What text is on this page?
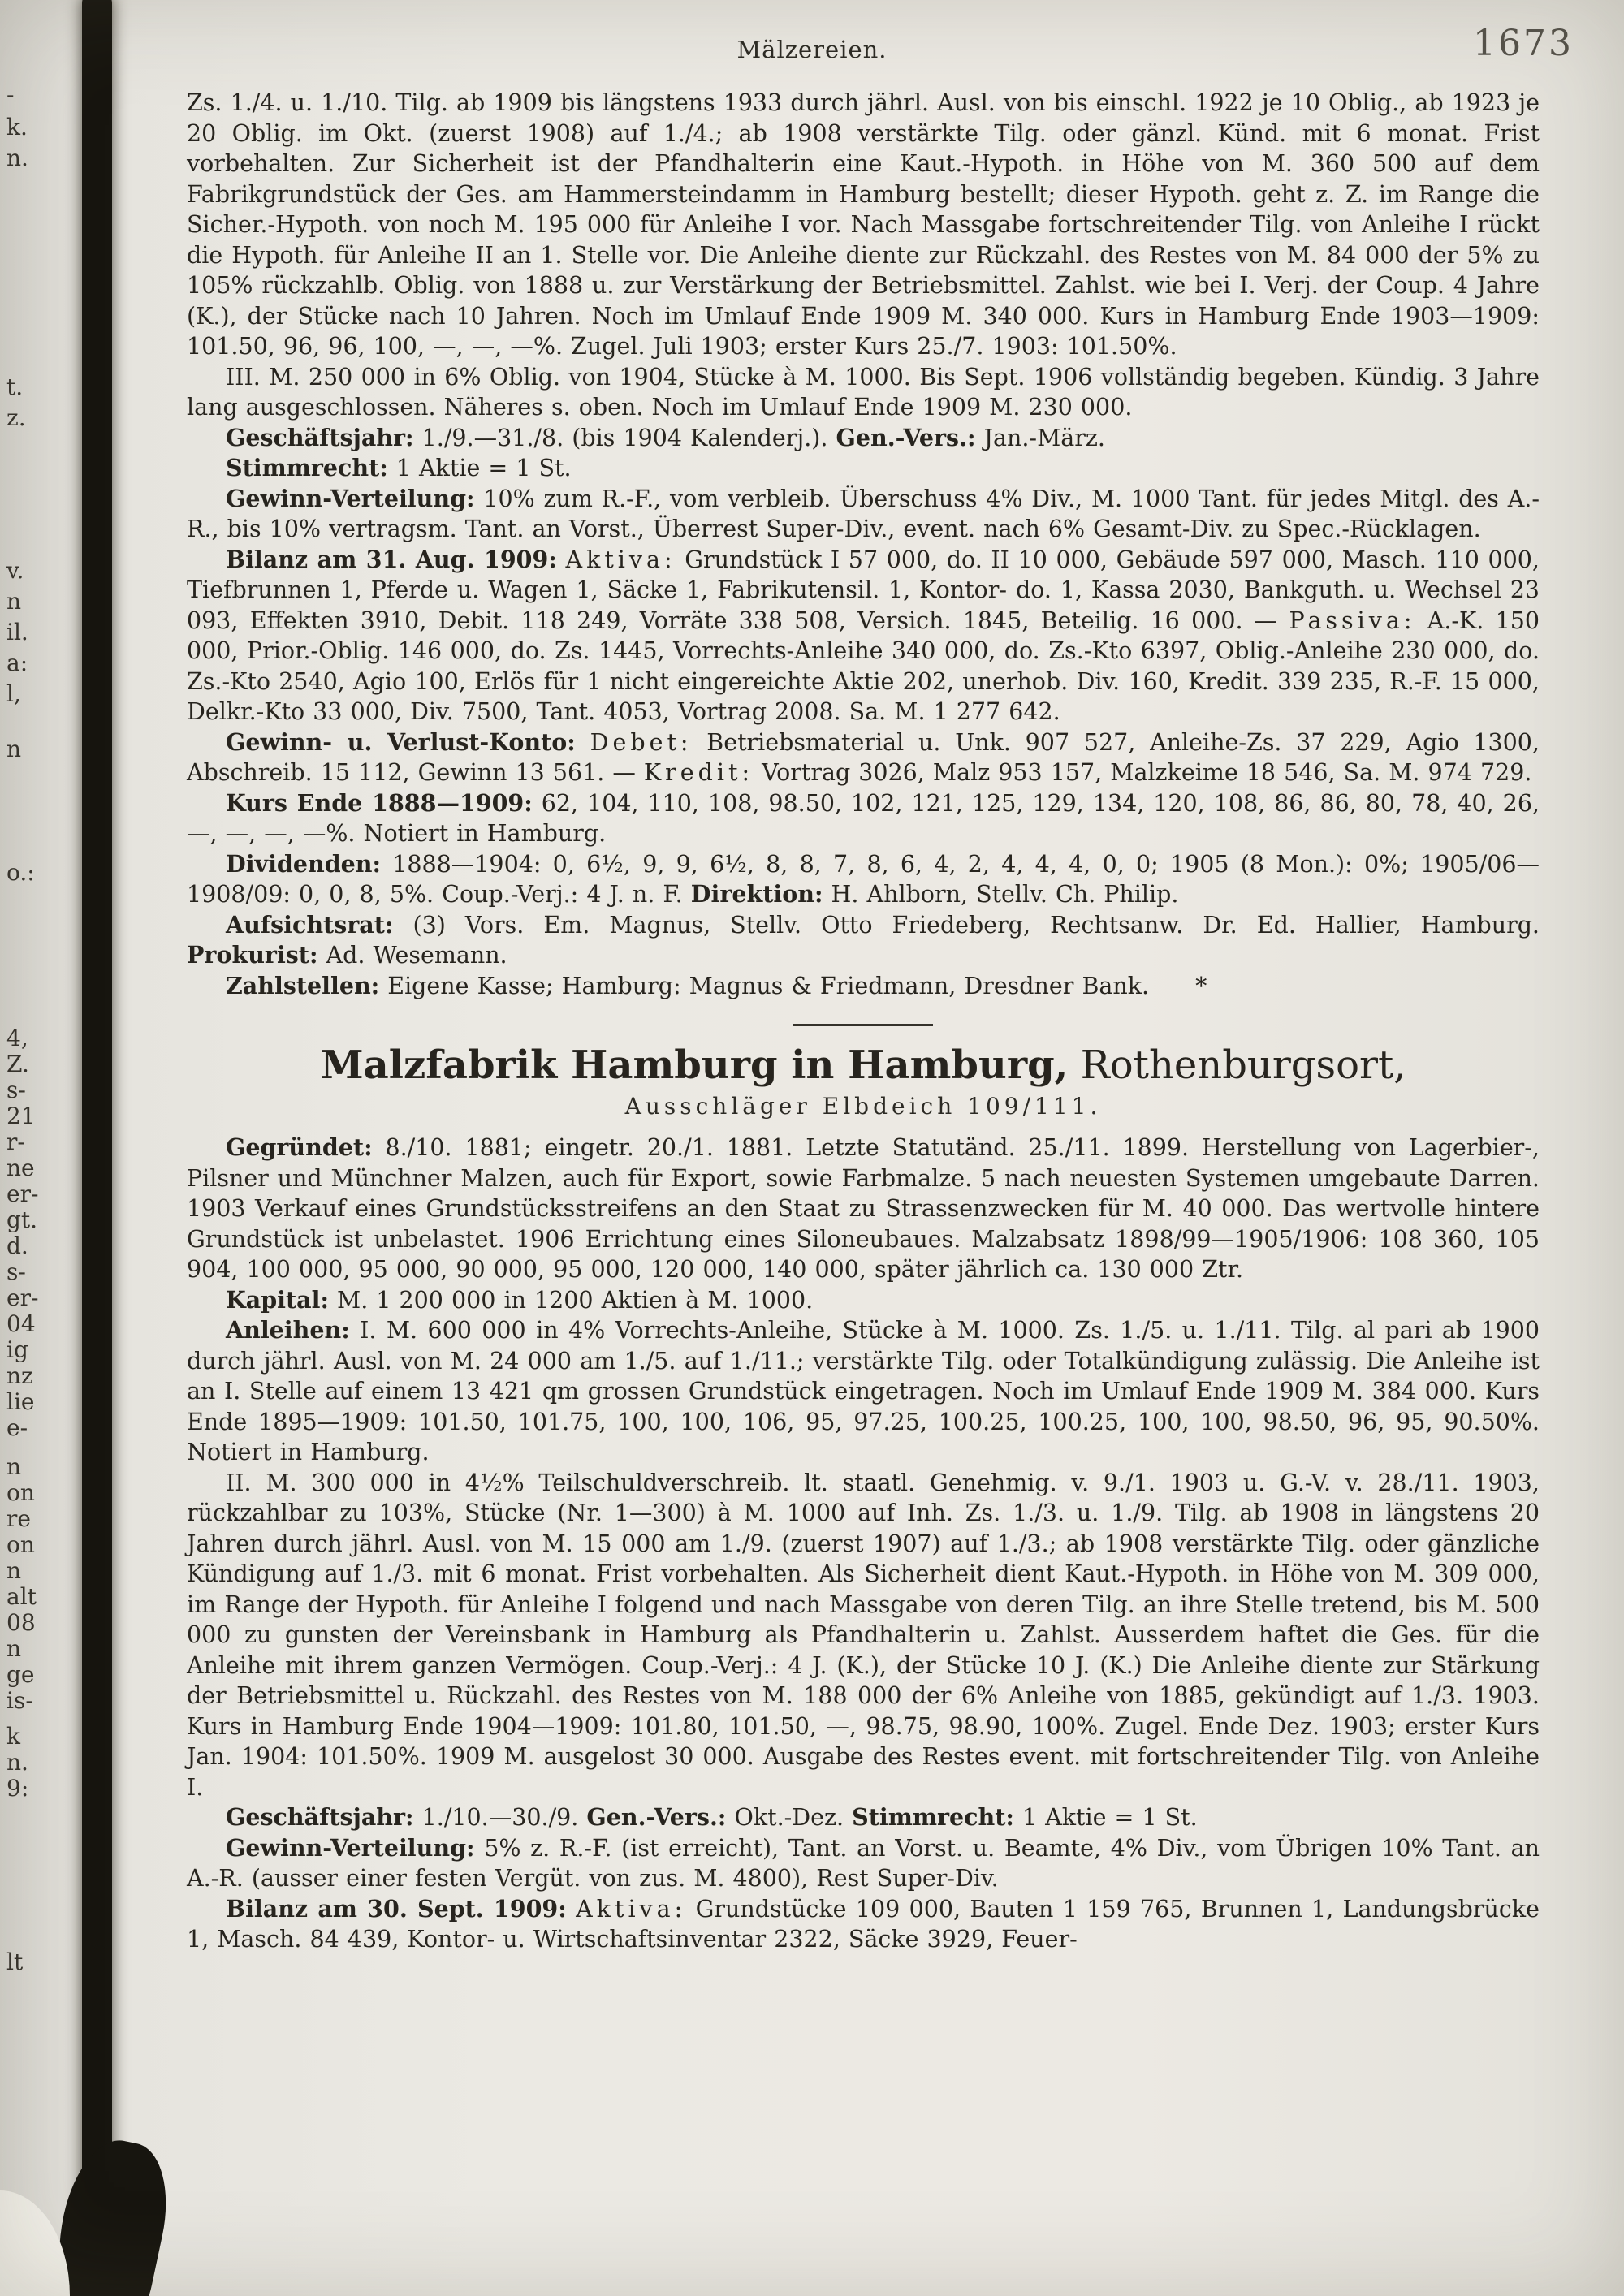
-
k.
n.
t.
z.
v.
n
il.
a:
l,
n
o.:
4,
Z.
s-
21
r-
ne
er-
gt.
d.
s-
er-
04
ig
nz
lie
e-
n
on
re
on
n
alt
08
n
ge
is-
k
n.
9:
lt
Mälzereien.	1673

Zs. 1./4. u. 1./10. Tilg. ab 1909 bis längstens 1933 durch jährl. Ausl. von bis einschl. 1922 je 10 Oblig., ab 1923 je 20 Oblig. im Okt. (zuerst 1908) auf 1./4.; ab 1908 verstärkte Tilg. oder gänzl. Künd. mit 6 monat. Frist vorbehalten. Zur Sicherheit ist der Pfandhalterin eine Kaut.-Hypoth. in Höhe von M. 360 500 auf dem Fabrikgrundstück der Ges. am Hammersteindamm in Hamburg bestellt; dieser Hypoth. geht z. Z. im Range die Sicher.-Hypoth. von noch M. 195 000 für Anleihe I vor. Nach Massgabe fortschreitender Tilg. von Anleihe I rückt die Hypoth. für Anleihe II an 1. Stelle vor. Die Anleihe diente zur Rückzahl. des Restes von M. 84 000 der 5% zu 105% rückzahlb. Oblig. von 1888 u. zur Verstärkung der Betriebsmittel. Zahlst. wie bei I. Verj. der Coup. 4 Jahre (K.), der Stücke nach 10 Jahren. Noch im Umlauf Ende 1909 M. 340 000. Kurs in Hamburg Ende 1903—1909: 101.50, 96, 96, 100, —, —, —%. Zugel. Juli 1903; erster Kurs 25./7. 1903: 101.50%.

III. M. 250 000 in 6% Oblig. von 1904, Stücke à M. 1000. Bis Sept. 1906 vollständig begeben. Kündig. 3 Jahre lang ausgeschlossen. Näheres s. oben. Noch im Umlauf Ende 1909 M. 230 000.

Geschäftsjahr: 1./9.—31./8. (bis 1904 Kalenderj.). Gen.-Vers.: Jan.-März.

Stimmrecht: 1 Aktie = 1 St.

Gewinn-Verteilung: 10% zum R.-F., vom verbleib. Überschuss 4% Div., M. 1000 Tant. für jedes Mitgl. des A.-R., bis 10% vertragsm. Tant. an Vorst., Überrest Super-Div., event. nach 6% Gesamt-Div. zu Spec.-Rücklagen.

Bilanz am 31. Aug. 1909: Aktiva: Grundstück I 57 000, do. II 10 000, Gebäude 597 000, Masch. 110 000, Tiefbrunnen 1, Pferde u. Wagen 1, Säcke 1, Fabrikutensil. 1, Kontor- do. 1, Kassa 2030, Bankguth. u. Wechsel 23 093, Effekten 3910, Debit. 118 249, Vorräte 338 508, Versich. 1845, Beteilig. 16 000. — Passiva: A.-K. 150 000, Prior.-Oblig. 146 000, do. Zs. 1445, Vorrechts-Anleihe 340 000, do. Zs.-Kto 6397, Oblig.-Anleihe 230 000, do. Zs.-Kto 2540, Agio 100, Erlös für 1 nicht eingereichte Aktie 202, unerhob. Div. 160, Kredit. 339 235, R.-F. 15 000, Delkr.-Kto 33 000, Div. 7500, Tant. 4053, Vortrag 2008. Sa. M. 1 277 642.

Gewinn- u. Verlust-Konto: Debet: Betriebsmaterial u. Unk. 907 527, Anleihe-Zs. 37 229, Agio 1300, Abschreib. 15 112, Gewinn 13 561. — Kredit: Vortrag 3026, Malz 953 157, Malzkeime 18 546, Sa. M. 974 729.

Kurs Ende 1888—1909: 62, 104, 110, 108, 98.50, 102, 121, 125, 129, 134, 120, 108, 86, 86, 80, 78, 40, 26, —, —, —, —%. Notiert in Hamburg.

Dividenden: 1888—1904: 0, 6½, 9, 9, 6½, 8, 8, 7, 8, 6, 4, 2, 4, 4, 4, 0, 0; 1905 (8 Mon.): 0%; 1905/06—1908/09: 0, 0, 8, 5%. Coup.-Verj.: 4 J. n. F. Direktion: H. Ahlborn, Stellv. Ch. Philip.

Aufsichtsrat: (3) Vors. Em. Magnus, Stellv. Otto Friedeberg, Rechtsanw. Dr. Ed. Hallier, Hamburg. Prokurist: Ad. Wesemann.

Zahlstellen: Eigene Kasse; Hamburg: Magnus & Friedmann, Dresdner Bank.  *

Malzfabrik Hamburg in Hamburg, Rothenburgsort,
Ausschläger Elbdeich 109/111.

Gegründet: 8./10. 1881; eingetr. 20./1. 1881. Letzte Statutänd. 25./11. 1899. Herstellung von Lagerbier-, Pilsner und Münchner Malzen, auch für Export, sowie Farbmalze. 5 nach neuesten Systemen umgebaute Darren. 1903 Verkauf eines Grundstücksstreifens an den Staat zu Strassenzwecken für M. 40 000. Das wertvolle hintere Grundstück ist unbelastet. 1906 Errichtung eines Siloneubaues. Malzabsatz 1898/99—1905/1906: 108 360, 105 904, 100 000, 95 000, 90 000, 95 000, 120 000, 140 000, später jährlich ca. 130 000 Ztr.

Kapital: M. 1 200 000 in 1200 Aktien à M. 1000.

Anleihen: I. M. 600 000 in 4% Vorrechts-Anleihe, Stücke à M. 1000. Zs. 1./5. u. 1./11. Tilg. al pari ab 1900 durch jährl. Ausl. von M. 24 000 am 1./5. auf 1./11.; verstärkte Tilg. oder Totalkündigung zulässig. Die Anleihe ist an I. Stelle auf einem 13 421 qm grossen Grundstück eingetragen. Noch im Umlauf Ende 1909 M. 384 000. Kurs Ende 1895—1909: 101.50, 101.75, 100, 100, 106, 95, 97.25, 100.25, 100.25, 100, 100, 98.50, 96, 95, 90.50%. Notiert in Hamburg.

II. M. 300 000 in 4½% Teilschuldverschreib. lt. staatl. Genehmig. v. 9./1. 1903 u. G.-V. v. 28./11. 1903, rückzahlbar zu 103%, Stücke (Nr. 1—300) à M. 1000 auf Inh. Zs. 1./3. u. 1./9. Tilg. ab 1908 in längstens 20 Jahren durch jährl. Ausl. von M. 15 000 am 1./9. (zuerst 1907) auf 1./3.; ab 1908 verstärkte Tilg. oder gänzliche Kündigung auf 1./3. mit 6 monat. Frist vorbehalten. Als Sicherheit dient Kaut.-Hypoth. in Höhe von M. 309 000, im Range der Hypoth. für Anleihe I folgend und nach Massgabe von deren Tilg. an ihre Stelle tretend, bis M. 500 000 zu gunsten der Vereinsbank in Hamburg als Pfandhalterin u. Zahlst. Ausserdem haftet die Ges. für die Anleihe mit ihrem ganzen Vermögen. Coup.-Verj.: 4 J. (K.), der Stücke 10 J. (K.) Die Anleihe diente zur Stärkung der Betriebsmittel u. Rückzahl. des Restes von M. 188 000 der 6% Anleihe von 1885, gekündigt auf 1./3. 1903. Kurs in Hamburg Ende 1904—1909: 101.80, 101.50, —, 98.75, 98.90, 100%. Zugel. Ende Dez. 1903; erster Kurs Jan. 1904: 101.50%. 1909 M. ausgelost 30 000. Ausgabe des Restes event. mit fortschreitender Tilg. von Anleihe I.

Geschäftsjahr: 1./10.—30./9. Gen.-Vers.: Okt.-Dez. Stimmrecht: 1 Aktie = 1 St.

Gewinn-Verteilung: 5% z. R.-F. (ist erreicht), Tant. an Vorst. u. Beamte, 4% Div., vom Übrigen 10% Tant. an A.-R. (ausser einer festen Vergüt. von zus. M. 4800), Rest Super-Div.

Bilanz am 30. Sept. 1909: Aktiva: Grundstücke 109 000, Bauten 1 159 765, Brunnen 1, Landungsbrücke 1, Masch. 84 439, Kontor- u. Wirtschaftsinventar 2322, Säcke 3929, Feuer-
